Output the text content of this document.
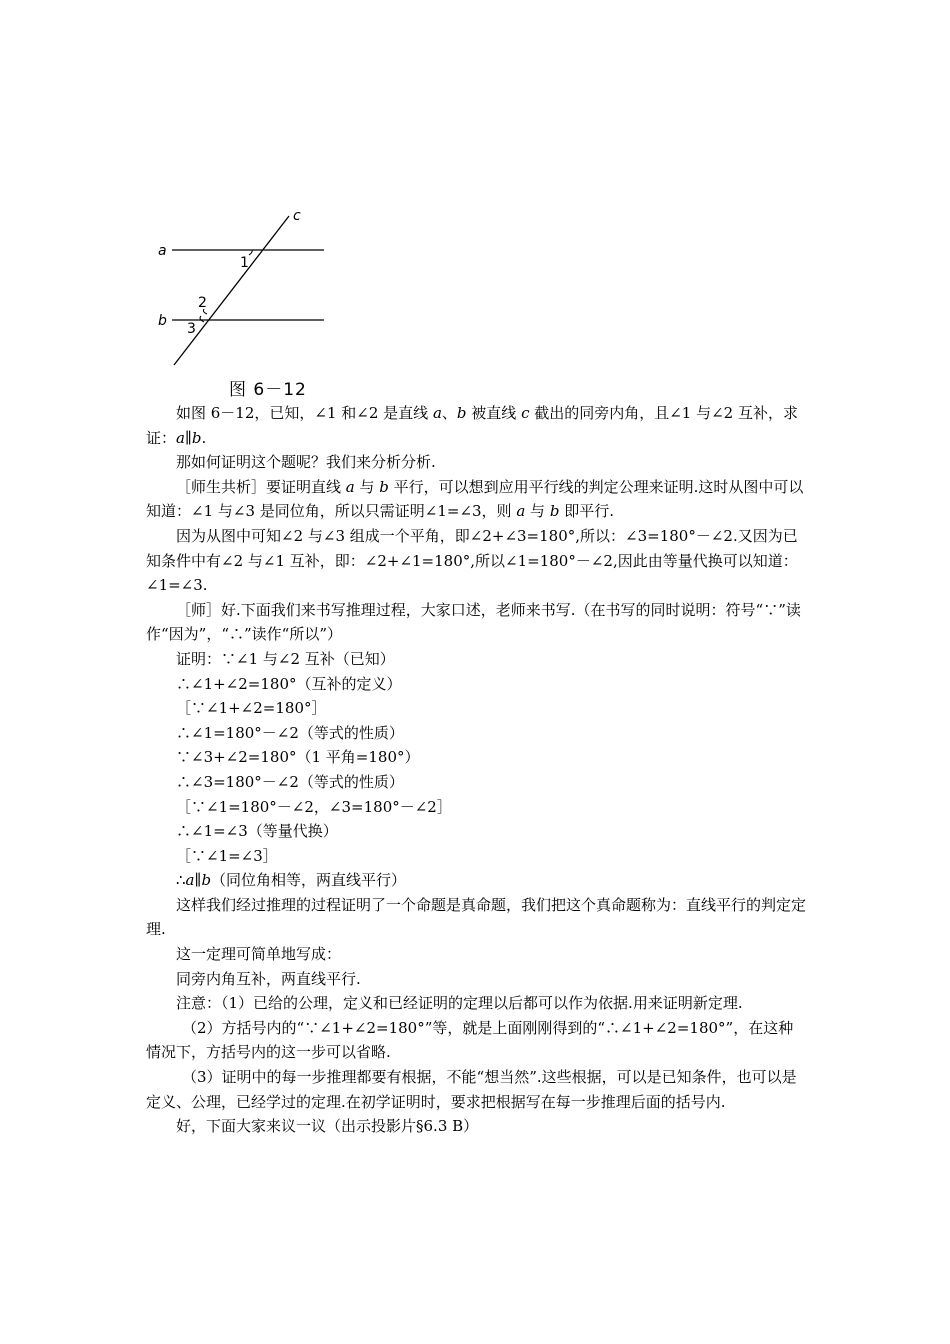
a
b
c
1
2
3
图 6－12

如图 6－12，已知，∠1 和∠2 是直线 a、b 被直线 c 截出的同旁内角，且∠1 与∠2 互补，求证：a∥b.

那如何证明这个题呢？我们来分析分析.

［师生共析］要证明直线 a 与 b 平行，可以想到应用平行线的判定公理来证明.这时从图中可以知道：∠1 与∠3 是同位角，所以只需证明∠1=∠3，则 a 与 b 即平行.

因为从图中可知∠2 与∠3 组成一个平角，即∠2+∠3=180°,所以：∠3=180°－∠2.又因为已知条件中有∠2 与∠1 互补，即：∠2+∠1=180°,所以∠1=180°－∠2,因此由等量代换可以知道：∠1=∠3.

［师］好.下面我们来书写推理过程，大家口述，老师来书写.（在书写的同时说明：符号“∵”读作“因为”，“∴”读作“所以”）

证明：∵∠1 与∠2 互补（已知）

∴∠1+∠2=180°（互补的定义）

［∵∠1+∠2=180°］

∴∠1=180°－∠2（等式的性质）

∵∠3+∠2=180°（1 平角=180°）

∴∠3=180°－∠2（等式的性质）

［∵∠1=180°－∠2，∠3=180°－∠2］

∴∠1=∠3（等量代换）

［∵∠1=∠3］

∴a∥b（同位角相等，两直线平行）

这样我们经过推理的过程证明了一个命题是真命题，我们把这个真命题称为：直线平行的判定定理.

这一定理可简单地写成：

同旁内角互补，两直线平行.

注意：（1）已给的公理，定义和已经证明的定理以后都可以作为依据.用来证明新定理.

（2）方括号内的“∵∠1+∠2=180°”等，就是上面刚刚得到的“∴∠1+∠2=180°”，在这种情况下，方括号内的这一步可以省略.

（3）证明中的每一步推理都要有根据，不能“想当然”.这些根据，可以是已知条件，也可以是定义、公理，已经学过的定理.在初学证明时，要求把根据写在每一步推理后面的括号内.

好，下面大家来议一议（出示投影片§6.3 B）
